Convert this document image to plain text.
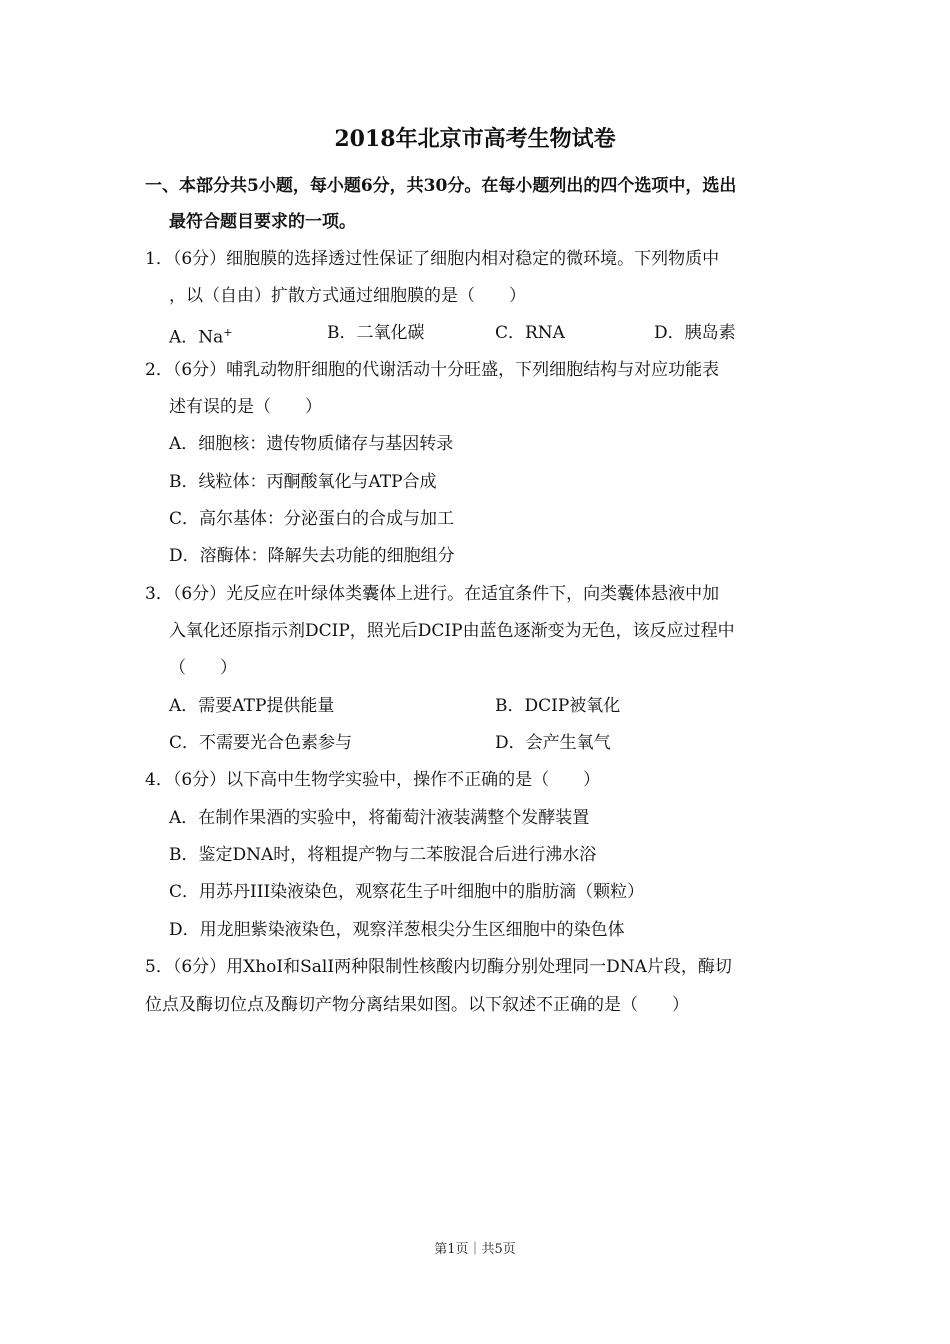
2018年北京市高考生物试卷
一、本部分共5小题，每小题6分，共30分。在每小题列出的四个选项中，选出
最符合题目要求的一项。
1．（6分）细胞膜的选择透过性保证了细胞内相对稳定的微环境。下列物质中
，以（自由）扩散方式通过细胞膜的是（　　）
A．Na+	B．二氧化碳	C．RNA	D．胰岛素
2．（6分）哺乳动物肝细胞的代谢活动十分旺盛，下列细胞结构与对应功能表
述有误的是（　　）
A．细胞核：遗传物质储存与基因转录
B．线粒体：丙酮酸氧化与ATP合成
C．高尔基体：分泌蛋白的合成与加工
D．溶酶体：降解失去功能的细胞组分
3．（6分）光反应在叶绿体类囊体上进行。在适宜条件下，向类囊体悬液中加
入氧化还原指示剂DCIP，照光后DCIP由蓝色逐渐变为无色，该反应过程中
（　　）
A．需要ATP提供能量	B．DCIP被氧化
C．不需要光合色素参与	D．会产生氧气
4．（6分）以下高中生物学实验中，操作不正确的是（　　）
A．在制作果酒的实验中，将葡萄汁液装满整个发酵装置
B．鉴定DNA时，将粗提产物与二苯胺混合后进行沸水浴
C．用苏丹III染液染色，观察花生子叶细胞中的脂肪滴（颗粒）
D．用龙胆紫染液染色，观察洋葱根尖分生区细胞中的染色体
5．（6分）用XhoI和SalI两种限制性核酸内切酶分别处理同一DNA片段，酶切
位点及酶切位点及酶切产物分离结果如图。以下叙述不正确的是（　　）
第1页｜共5页
